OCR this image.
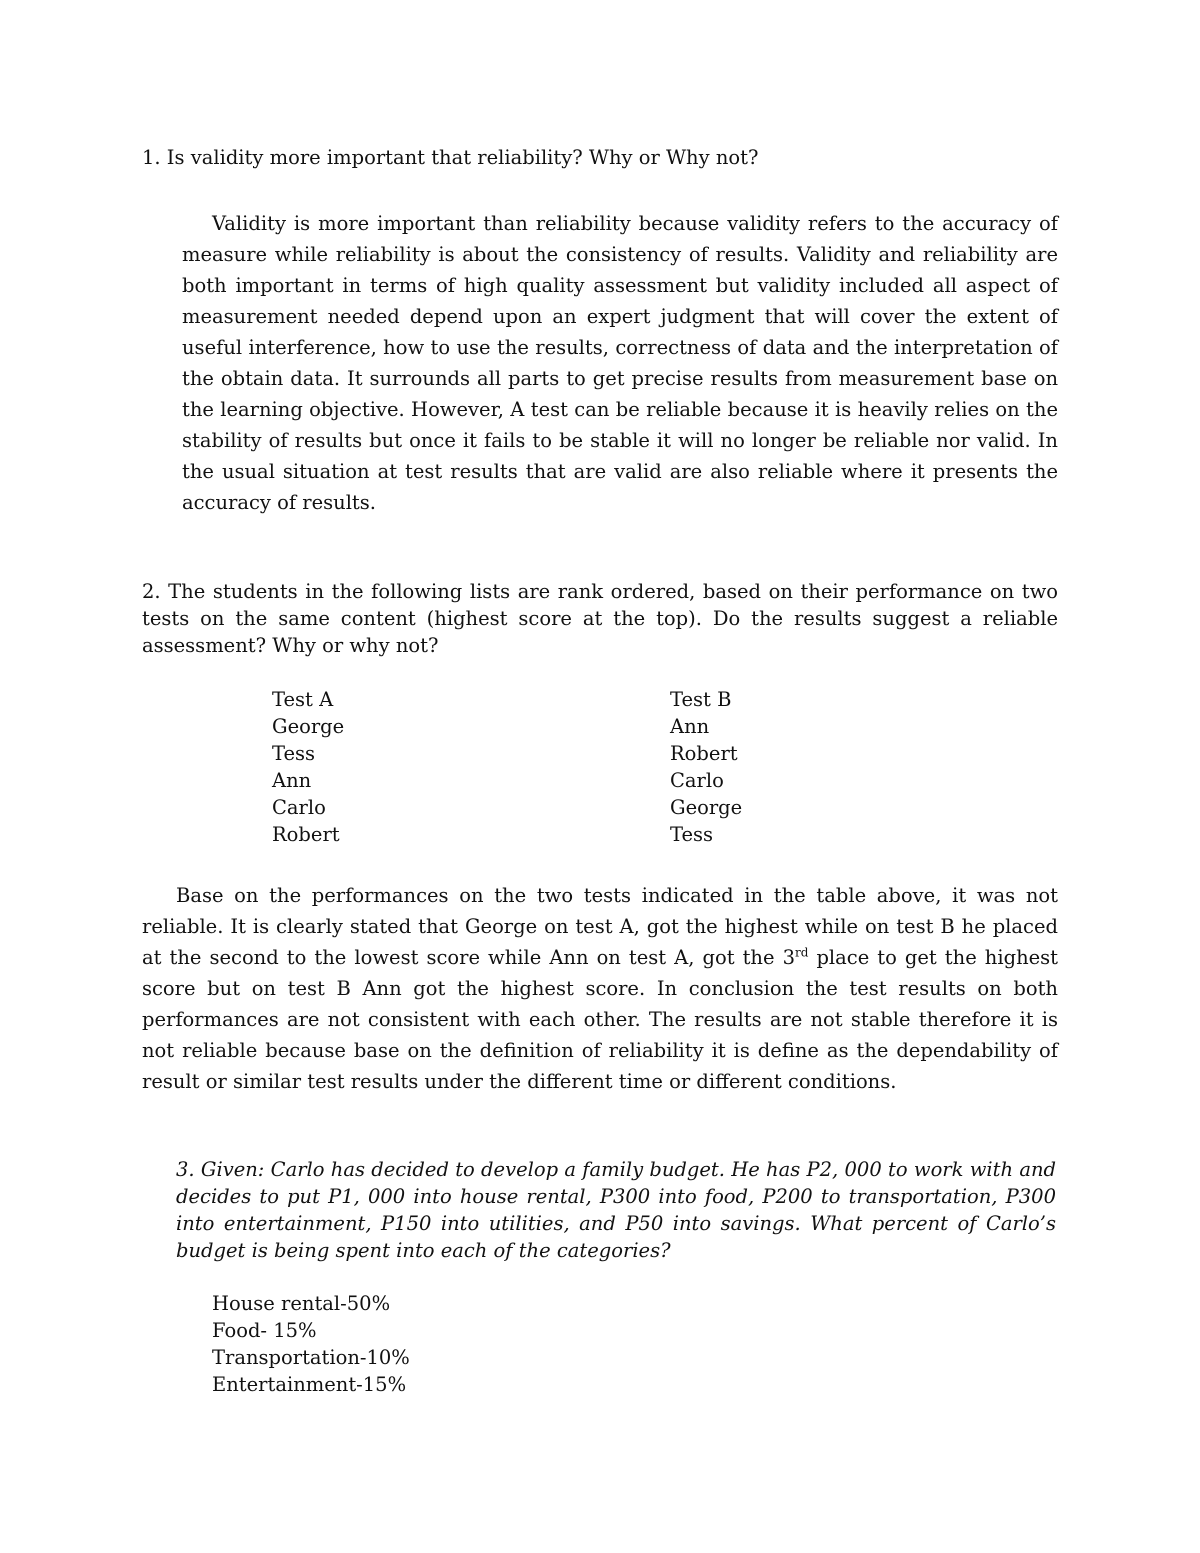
1. Is validity more important that reliability? Why or Why not?
Validity is more important than reliability because validity refers to the accuracy of measure while reliability is about the consistency of results. Validity and reliability are both important in terms of high quality assessment but validity included all aspect of measurement needed depend upon an expert judgment that will cover the extent of useful interference, how to use the results, correctness of data and the interpretation of the obtain data. It surrounds all parts to get precise results from measurement base on the learning objective. However, A test can be reliable because it is heavily relies on the stability of results but once it fails to be stable it will no longer be reliable nor valid. In the usual situation at test results that are valid are also reliable where it presents the accuracy of results.
2. The students in the following lists are rank ordered, based on their performance on two tests on the same content (highest score at the top). Do the results suggest a reliable assessment? Why or why not?
Test A
George
Tess
Ann
Carlo
Robert
Test B
Ann
Robert
Carlo
George
Tess
Base on the performances on the two tests indicated in the table above, it was not reliable. It is clearly stated that George on test A, got the highest while on test B he placed at the second to the lowest score while Ann on test A, got the 3rd place to get the highest score but on test B Ann got the highest score. In conclusion the test results on both performances are not consistent with each other. The results are not stable therefore it is not reliable because base on the definition of reliability it is define as the dependability of result or similar test results under the different time or different conditions.
3. Given: Carlo has decided to develop a family budget. He has P2, 000 to work with and decides to put P1, 000 into house rental, P300 into food, P200 to transportation, P300 into entertainment, P150 into utilities, and P50 into savings. What percent of Carlo’s budget is being spent into each of the categories?
House rental-50%
Food- 15%
Transportation-10%
Entertainment-15%
